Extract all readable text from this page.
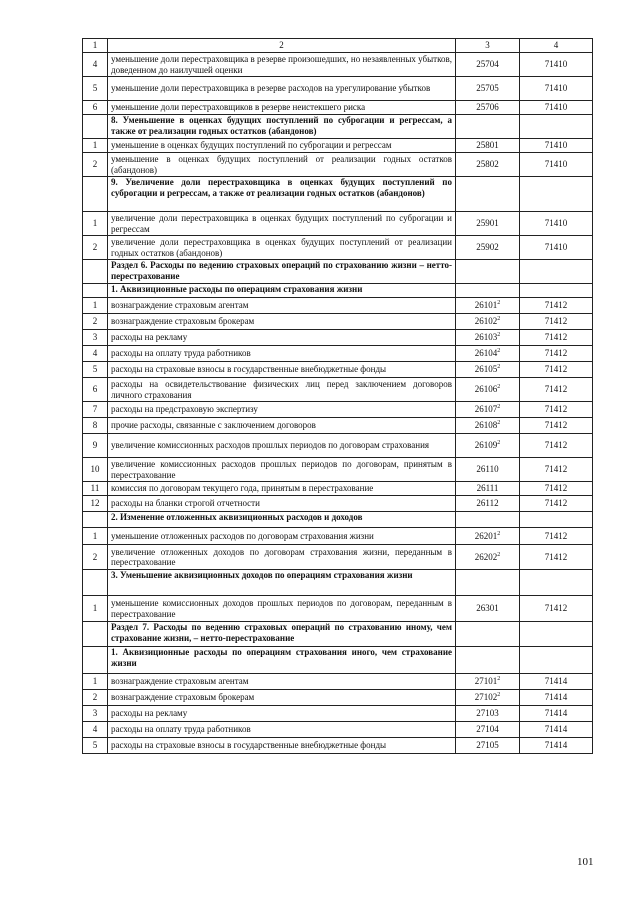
1	2	3	4
4	уменьшение доли перестраховщика в резерве произошедших, но незаявленных убытков, доведенном до наилучшей оценки	25704	71410
5	уменьшение доли перестраховщика в резерве расходов на урегулирование убытков	25705	71410
6	уменьшение доли перестраховщиков в резерве неистекшего риска	25706	71410
	8. Уменьшение в оценках будущих поступлений по суброгации и регрессам, а также от реализации годных остатков (абандонов)		
1	уменьшение в оценках будущих поступлений по суброгации и регрессам	25801	71410
2	уменьшение в оценках будущих поступлений от реализации годных остатков (абандонов)	25802	71410
	9. Увеличение доли перестраховщика в оценках будущих поступлений по суброгации и регрессам, а также от реализации годных остатков (абандонов)		
1	увеличение доли перестраховщика в оценках будущих поступлений по суброгации и регрессам	25901	71410
2	увеличение доли перестраховщика в оценках будущих поступлений от реализации годных остатков (абандонов)	25902	71410
	Раздел 6. Расходы по ведению страховых операций по страхованию жизни – нетто-перестрахование		
	1. Аквизиционные расходы по операциям страхования жизни		
1	вознаграждение страховым агентам	26101$^2$	71412
2	вознаграждение страховым брокерам	26102$^2$	71412
3	расходы на рекламу	26103$^2$	71412
4	расходы на оплату труда работников	26104$^2$	71412
5	расходы на страховые взносы в государственные внебюджетные фонды	26105$^2$	71412
6	расходы на освидетельствование физических лиц перед заключением договоров личного страхования	26106$^2$	71412
7	расходы на предстраховую экспертизу	26107$^2$	71412
8	прочие расходы, связанные с заключением договоров	26108$^2$	71412
9	увеличение комиссионных расходов прошлых периодов по договорам страхования	26109$^2$	71412
10	увеличение комиссионных расходов прошлых периодов по договорам, принятым в перестрахование	26110	71412
11	комиссия по договорам текущего года, принятым в перестрахование	26111	71412
12	расходы на бланки строгой отчетности	26112	71412
	2. Изменение отложенных аквизиционных расходов и доходов		
1	уменьшение отложенных расходов по договорам страхования жизни	26201$^2$	71412
2	увеличение отложенных доходов по договорам страхования жизни, переданным в перестрахование	26202$^2$	71412
	3. Уменьшение аквизиционных доходов по операциям страхования жизни		
1	уменьшение комиссионных доходов прошлых периодов по договорам, переданным в перестрахование	26301	71412
	Раздел 7. Расходы по ведению страховых операций по страхованию иному, чем страхование жизни, – нетто-перестрахование		
	1. Аквизиционные расходы по операциям страхования иного, чем страхование жизни		
1	вознаграждение страховым агентам	27101$^2$	71414
2	вознаграждение страховым брокерам	27102$^2$	71414
3	расходы на рекламу	27103	71414
4	расходы на оплату труда работников	27104	71414
5	расходы на страховые взносы в государственные внебюджетные фонды	27105	71414
101
